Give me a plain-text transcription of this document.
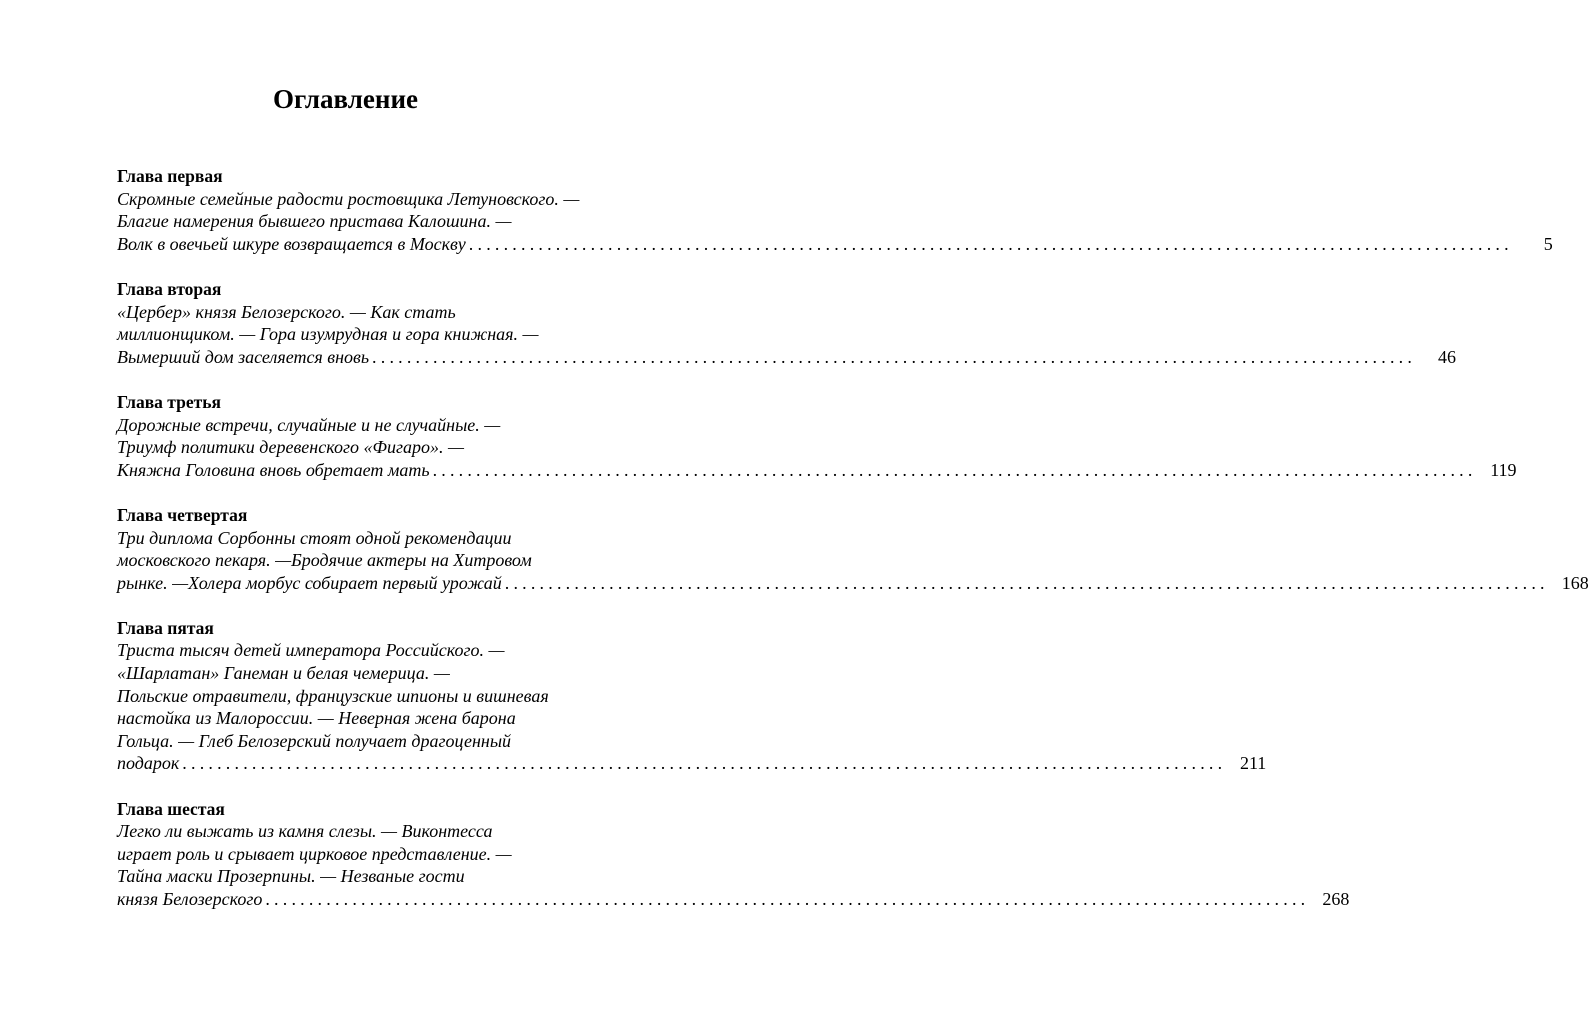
Оглавление
Глава первая
Скромные семейные радости ростовщика Летуновского. —
Благие намерения бывшего пристава Калошина. —
Волк в овечьей шкуре возвращается в Москву ........................................................................................................................	5
Глава вторая
«Цербер» князя Белозерского. — Как стать
миллионщиком. — Гора изумрудная и гора книжная. —
Вымерший дом заселяется вновь ........................................................................................................................	46
Глава третья
Дорожные встречи, случайные и не случайные. —
Триумф политики деревенского «Фигаро». —
Княжна Головина вновь обретает мать ........................................................................................................................ 119
Глава четвертая
Три диплома Сорбонны стоят одной рекомендации
московского пекаря. —Бродячие актеры на Хитровом
рынке. —Холера морбус собирает первый урожай ........................................................................................................................ 168
Глава пятая
Триста тысяч детей императора Российского. —
«Шарлатан» Ганеман и белая чемерица. —
Польские отравители, французские шпионы и вишневая
настойка из Малороссии. — Неверная жена барона
Гольца. — Глеб Белозерский получает драгоценный
подарок ........................................................................................................................ 211
Глава шестая
Легко ли выжать из камня слезы. — Виконтесса
играет роль и срывает цирковое представление. —
Тайна маски Прозерпины. — Незваные гости
князя Белозерского ........................................................................................................................ 268
